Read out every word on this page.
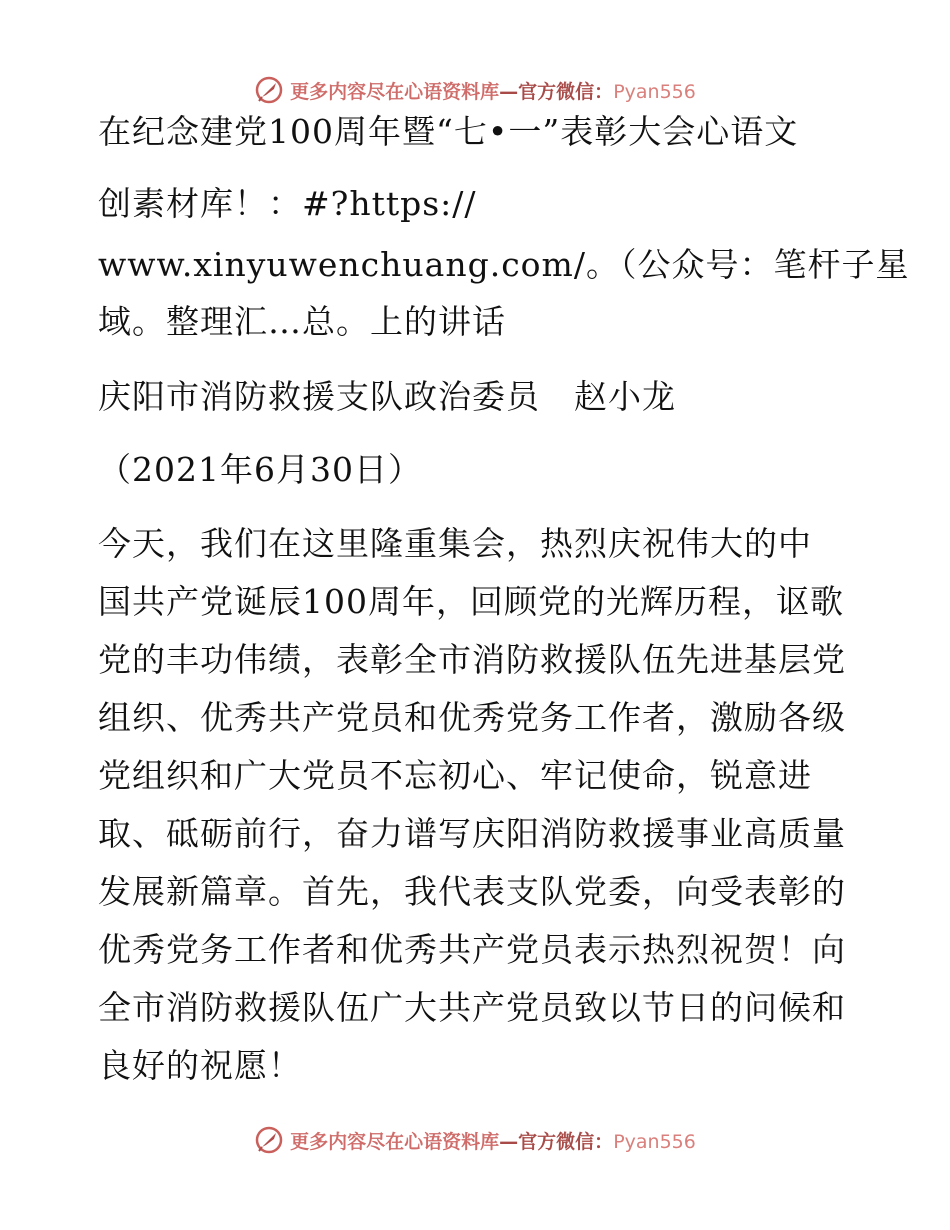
更多内容尽在心语资料库—官方微信：Pyan556
在纪念建党100周年暨“七•一”表彰大会心语文
创素材库！：#?https://
www.xinyuwenchuang.com/。（公众号：笔杆子星
域。整理汇…总。上的讲话
庆阳市消防救援支队政治委员　赵小龙
（2021年6月30日）
今天，我们在这里隆重集会，热烈庆祝伟大的中
国共产党诞辰100周年，回顾党的光辉历程，讴歌
党的丰功伟绩，表彰全市消防救援队伍先进基层党
组织、优秀共产党员和优秀党务工作者，激励各级
党组织和广大党员不忘初心、牢记使命，锐意进
取、砥砺前行，奋力谱写庆阳消防救援事业高质量
发展新篇章。首先，我代表支队党委，向受表彰的
优秀党务工作者和优秀共产党员表示热烈祝贺！向
全市消防救援队伍广大共产党员致以节日的问候和
良好的祝愿！
更多内容尽在心语资料库—官方微信：Pyan556
